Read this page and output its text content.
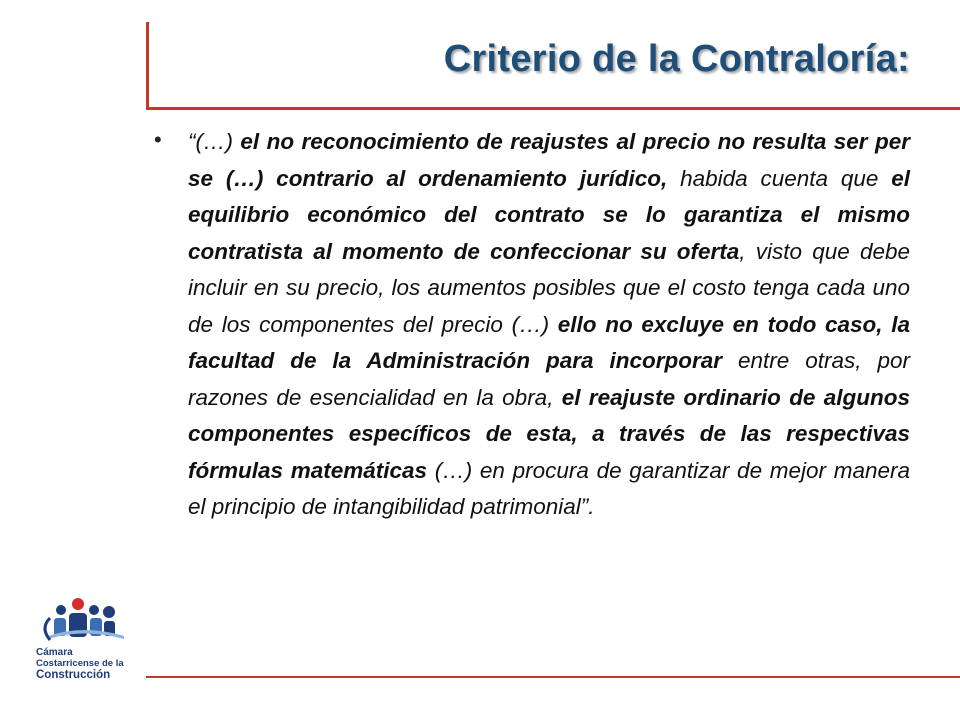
Criterio de la Contraloría:
• “(…) el no reconocimiento de reajustes al precio no resulta ser per se (…) contrario al ordenamiento jurídico, habida cuenta que el equilibrio económico del contrato se lo garantiza el mismo contratista al momento de confeccionar su oferta, visto que debe incluir en su precio, los aumentos posibles que el costo tenga cada uno de los componentes del precio (…) ello no excluye en todo caso, la facultad de la Administración para incorporar entre otras, por razones de esencialidad en la obra, el reajuste ordinario de algunos componentes específicos de esta, a través de las respectivas fórmulas matemáticas (…) en procura de garantizar de mejor manera el principio de intangibilidad patrimonial”.

Cámara
Costarricense de la
Construcción
